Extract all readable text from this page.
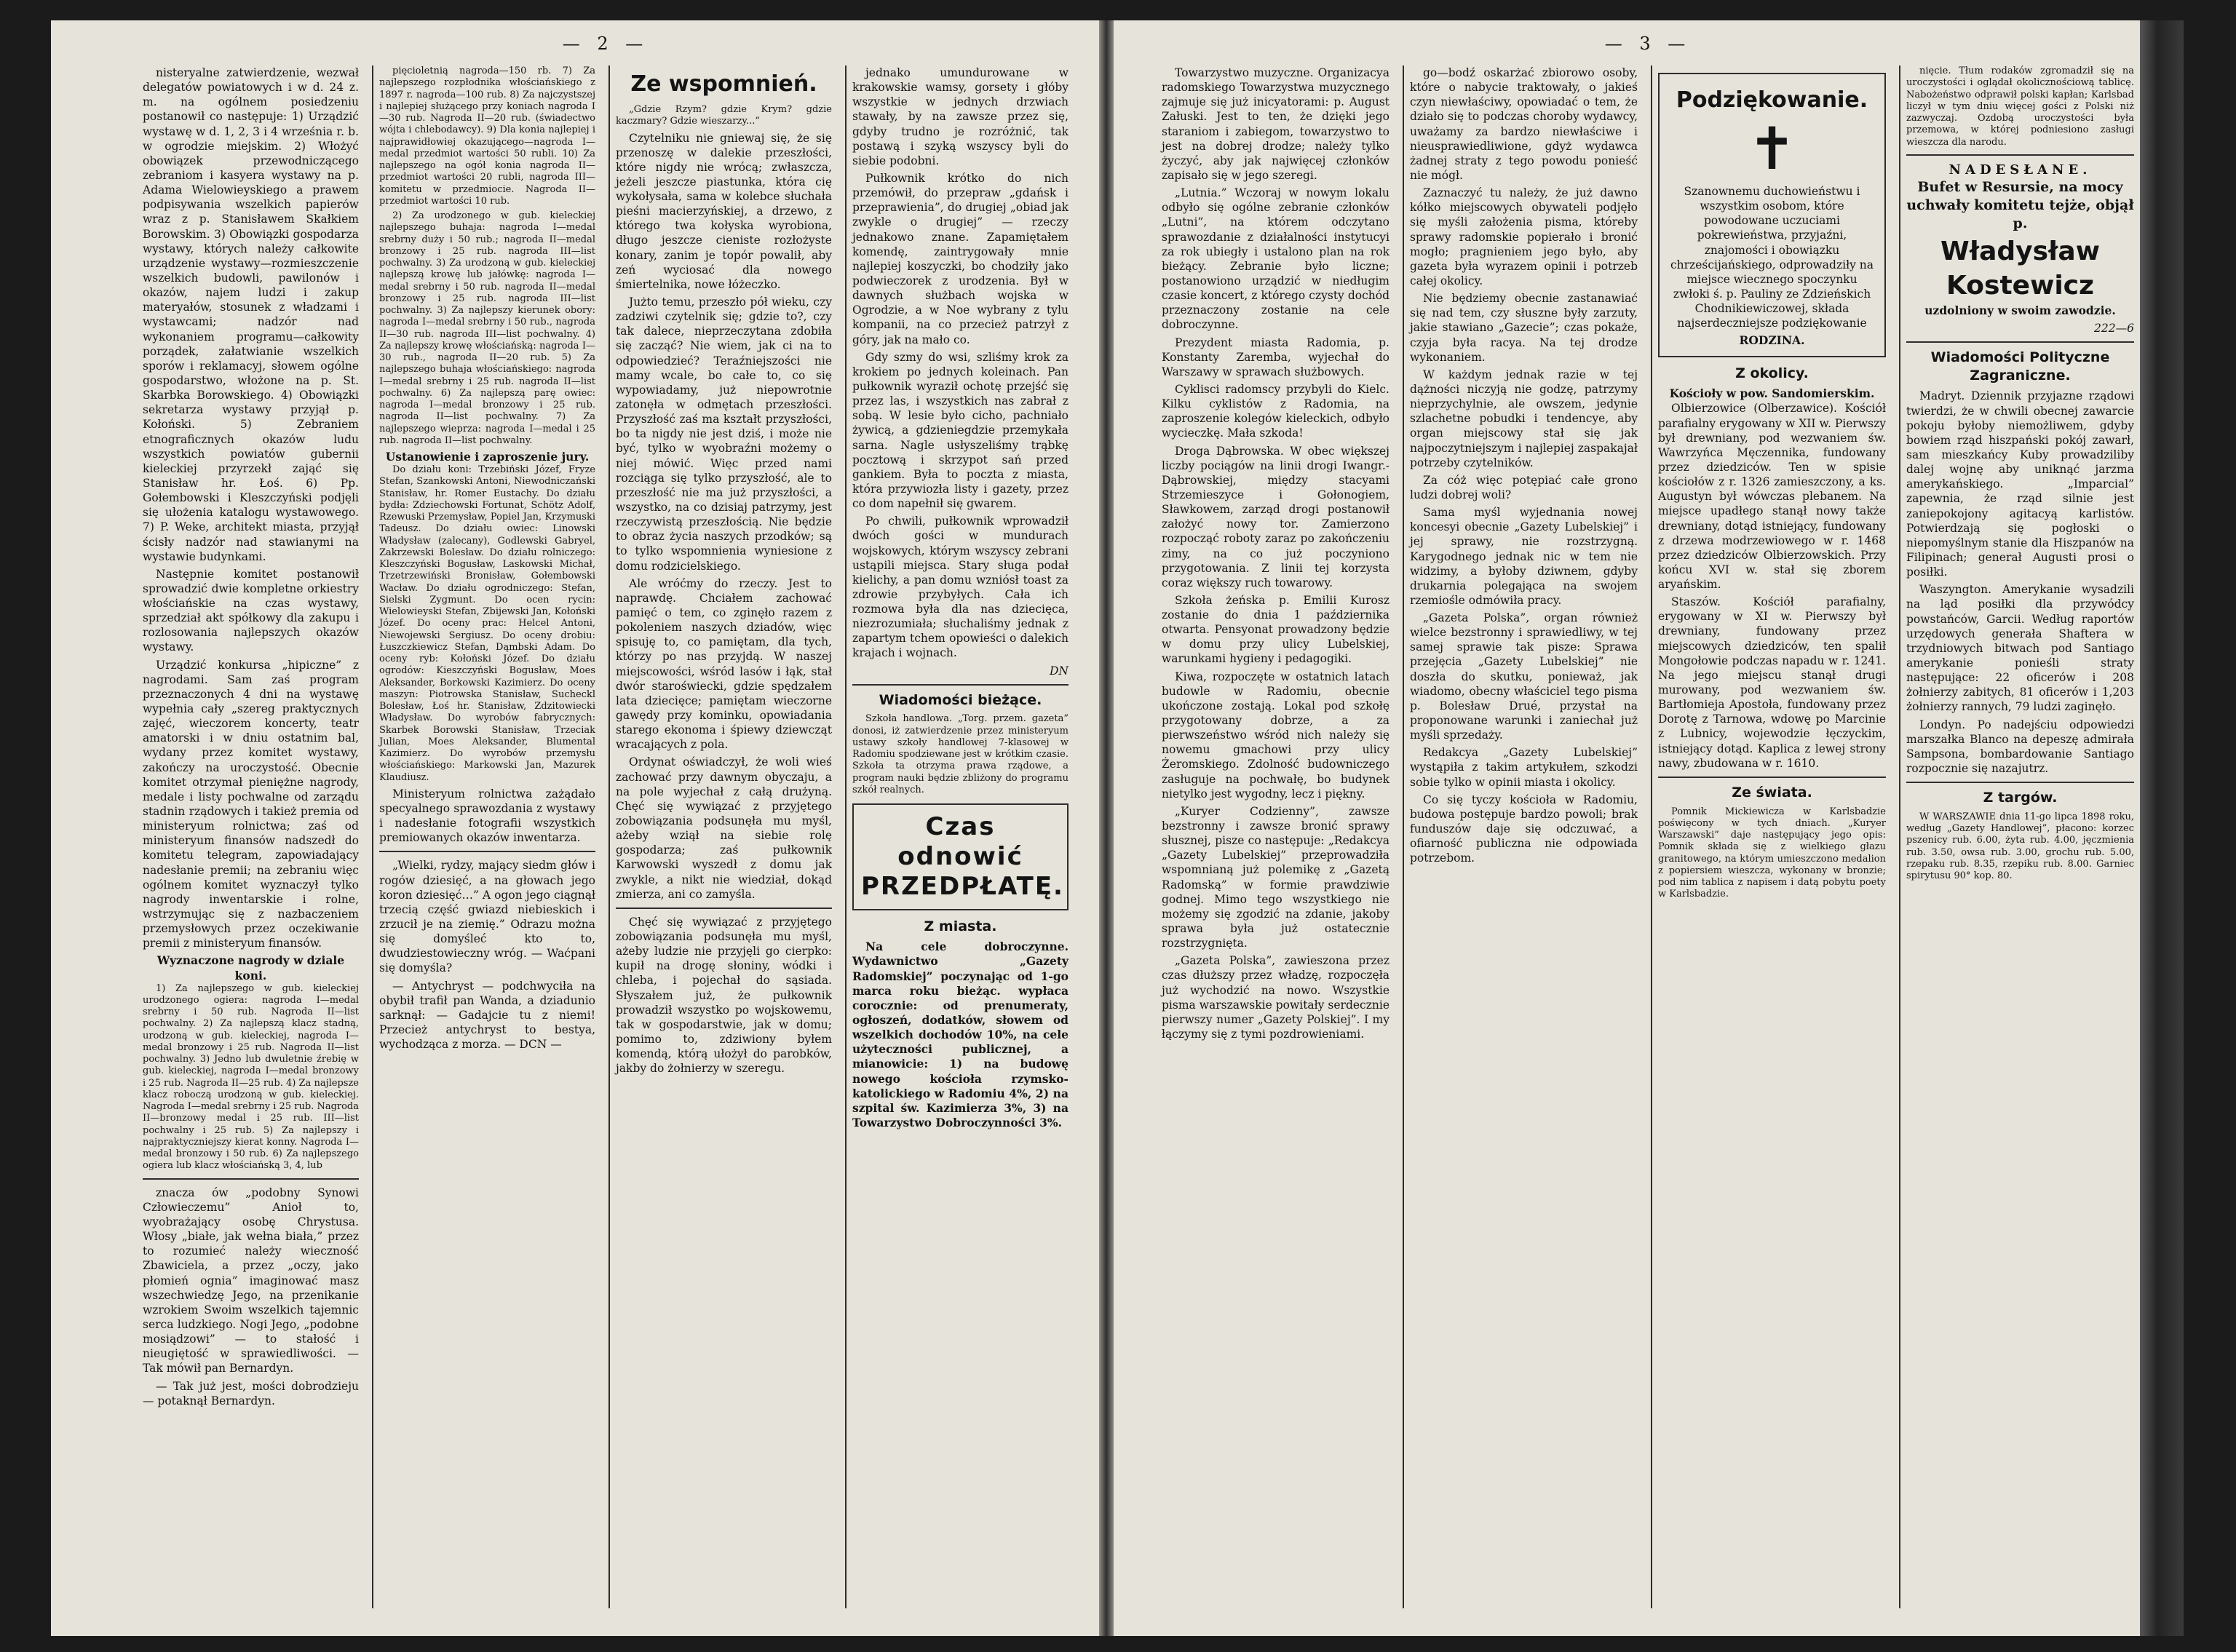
— 2 —

nisteryalne zatwierdzenie, wezwał delegatów powiatowych i w d. 24 z. m. na ogólnem posiedzeniu postanowił co następuje: 1) Urządzić wystawę w d. 1, 2, 3 i 4 września r. b. w ogrodzie miejskim. 2) Włożyć obowiązek przewodniczącego zebraniom i kasyera wystawy na p. Adama Wielowieyskiego a prawem podpisywania wszelkich papierów wraz z p. Stanisławem Skałkiem Borowskim. 3) Obowiązki gospodarza wystawy, których należy całkowite urządzenie wystawy—rozmieszczenie wszelkich budowli, pawilonów i okazów, najem ludzi i zakup materyałów, stosunek z władzami i wystawcami; nadzór nad wykonaniem programu—całkowity porządek, załatwianie wszelkich sporów i reklamacyj, słowem ogólne gospodarstwo, włożone na p. St. Skarbka Borowskiego. 4) Obowiązki sekretarza wystawy przyjął p. Kołoński. 5) Zebraniem etnograficznych okazów ludu wszystkich powiatów gubernii kieleckiej przyrzekł zająć się Stanisław hr. Łoś. 6) Pp. Gołembowski i Kleszczyński podjęli się ułożenia katalogu wystawowego. 7) P. Weke, architekt miasta, przyjął ścisły nadzór nad stawianymi na wystawie budynkami.

Następnie komitet postanowił sprowadzić dwie kompletne orkiestry włościańskie na czas wystawy, sprzedział akt spółkowy dla zakupu i rozlosowania najlepszych okazów wystawy.

Urządzić konkursa „hipiczne” z nagrodami. Sam zaś program przeznaczonych 4 dni na wystawę wypełnia cały „szereg praktycznych zajęć, wieczorem koncerty, teatr amatorski i w dniu ostatnim bal, wydany przez komitet wystawy, zakończy na uroczystość. Obecnie komitet otrzymał pieniężne nagrody, medale i listy pochwalne od zarządu stadnin rządowych i takież premia od ministeryum rolnictwa; zaś od ministeryum finansów nadszedł do komitetu telegram, zapowiadający nadesłanie premii; na zebraniu więc ogólnem komitet wyznaczył tylko nagrody inwentarskie i rolne, wstrzymując się z nazbaczeniem przemysłowych przez oczekiwanie premii z ministeryum finansów.

Wyznaczone nagrody w dziale koni.

1) Za najlepszego w gub. kieleckiej urodzonego ogiera: nagroda I—medal srebrny i 50 rub. Nagroda II—list pochwalny. 2) Za najlepszą klacz stadną, urodzoną w gub. kieleckiej, nagroda I—medal bronzowy i 25 rub. Nagroda II—list pochwalny. 3) Jedno lub dwuletnie źrebię w gub. kieleckiej, nagroda I—medal bronzowy i 25 rub. Nagroda II—25 rub. 4) Za najlepsze klacz roboczą urodzoną w gub. kieleckiej. Nagroda I—medal srebrny i 25 rub. Nagroda II—bronzowy medal i 25 rub. III—list pochwalny i 25 rub. 5) Za najlepszy i najpraktyczniejszy kierat konny. Nagroda I—medal bronzowy i 50 rub. 6) Za najlepszego ogiera lub klacz włościańską 3, 4, lub

znacza ów „podobny Synowi Człowieczemu” Anioł to, wyobrażający osobę Chrystusa. Włosy „białe, jak wełna biała,” przez to rozumieć należy wieczność Zbawiciela, a przez „oczy, jako płomień ognia” imaginować masz wszechwiedzę Jego, na przenikanie wzrokiem Swoim wszelkich tajemnic serca ludzkiego. Nogi Jego, „podobne mosiądzowi” — to stałość i nieugiętość w sprawiedliwości. — Tak mówił pan Bernardyn.

— Tak już jest, mości dobrodzieju — potaknął Bernardyn.

pięcioletnią nagroda—150 rb. 7) Za najlepszego rozpłodnika włościańskiego z 1897 r. nagroda—100 rub. 8) Za najczystszej i najlepiej służącego przy koniach nagroda I—30 rub. Nagroda II—20 rub. (świadectwo wójta i chlebodawcy). 9) Dla konia najlepiej i najprawidłowiej okazującego—nagroda I—medal przedmiot wartości 50 rubli. 10) Za najlepszego na ogół konia nagroda II—przedmiot wartości 20 rubli, nagroda III—komitetu w przedmiocie. Nagroda II—przedmiot wartości 10 rub.

2) Za urodzonego w gub. kieleckiej najlepszego buhaja: nagroda I—medal srebrny duży i 50 rub.; nagroda II—medal bronzowy i 25 rub. nagroda III—list pochwalny. 3) Za urodzoną w gub. kieleckiej najlepszą krowę lub jałówkę: nagroda I—medal srebrny i 50 rub. nagroda II—medal bronzowy i 25 rub. nagroda III—list pochwalny. 3) Za najlepszy kierunek obory: nagroda I—medal srebrny i 50 rub., nagroda II—30 rub. nagroda III—list pochwalny. 4) Za najlepszy krowę włościańską: nagroda I—30 rub., nagroda II—20 rub. 5) Za najlepszego buhaja włościańskiego: nagroda I—medal srebrny i 25 rub. nagroda II—list pochwalny. 6) Za najlepszą parę owiec: nagroda I—medal bronzowy i 25 rub. nagroda II—list pochwalny. 7) Za najlepszego wieprza: nagroda I—medal i 25 rub. nagroda II—list pochwalny.

Ustanowienie i zaproszenie jury.

Do działu koni: Trzebiński Józef, Fryze Stefan, Szankowski Antoni, Niewodniczański Stanisław, hr. Romer Eustachy. Do działu bydła: Zdziechowski Fortunat, Schötz Adolf, Rzewuski Przemysław, Popiel Jan, Krzymuski Tadeusz. Do działu owiec: Linowski Władysław (zalecany), Godlewski Gabryel, Zakrzewski Bolesław. Do działu rolniczego: Kleszczyński Bogusław, Laskowski Michał, Trzetrzewiński Bronisław, Gołembowski Wacław. Do działu ogrodniczego: Stefan, Sielski Zygmunt. Do ocen rycin: Wielowieyski Stefan, Zbijewski Jan, Kołoński Józef. Do oceny prac: Helcel Antoni, Niewojewski Sergiusz. Do oceny drobiu: Łuszczkiewicz Stefan, Dąmbski Adam. Do oceny ryb: Kołoński Józef. Do działu ogrodów: Kieszczyński Bogusław, Moes Aleksander, Borkowski Kazimierz. Do oceny maszyn: Piotrowska Stanisław, Sucheckl Bolesław, Łoś hr. Stanisław, Zdzitowiecki Władysław. Do wyrobów fabrycznych: Skarbek Borowski Stanisław, Trzeciak Julian, Moes Aleksander, Blumental Kazimierz. Do wyrobów przemysłu włościańskiego: Markowski Jan, Mazurek Klaudiusz.

Ministeryum rolnictwa zażądało specyalnego sprawozdania z wystawy i nadesłanie fotografii wszystkich premiowanych okazów inwentarza.

„Wielki, rydzy, mający siedm głów i rogów dziesięć, a na głowach jego koron dziesięć…” A ogon jego ciągnął trzecią część gwiazd niebieskich i zrzucił je na ziemię.” Odrazu można się domyśleć kto to, dwudziestowieczny wróg. — Waćpani się domyśla?

— Antychryst — podchwyciła na obybił trafił pan Wanda, a dziadunio sarknął: — Gadajcie tu z niemi! Przecież antychryst to bestya, wychodząca z morza. — DCN —

Ze wspomnień.

„Gdzie Rzym? gdzie Krym? gdzie kaczmary? Gdzie wieszarzy...”

Czytelniku nie gniewaj się, że się przenoszę w dalekie przeszłości, które nigdy nie wrócą; zwłaszcza, jeżeli jeszcze piastunka, która cię wykołysała, sama w kolebce słuchała pieśni macierzyńskiej, a drzewo, z którego twa kołyska wyrobiona, długo jeszcze cieniste rozłożyste konary, zanim je topór powalił, aby zeń wyciosać dla nowego śmiertelnika, nowe łóżeczko.

Jużto temu, przeszło pół wieku, czy zadziwi czytelnik się; gdzie to?, czy tak dalece, nieprzeczytana zdobiła się zacząć? Nie wiem, jak ci na to odpowiedzieć? Teraźniejszości nie mamy wcale, bo całe to, co się wypowiadamy, już niepowrotnie zatonęła w odmętach przeszłości. Przyszłość zaś ma kształt przyszłości, bo ta nigdy nie jest dziś, i może nie być, tylko w wyobraźni możemy o niej mówić. Więc przed nami rozciąga się tylko przyszłość, ale to przeszłość nie ma już przyszłości, a wszystko, na co dzisiaj patrzymy, jest rzeczywistą przeszłością. Nie będzie to obraz życia naszych przodków; są to tylko wspomnienia wyniesione z domu rodzicielskiego.

Ale wróćmy do rzeczy. Jest to naprawdę. Chciałem zachować pamięć o tem, co zginęło razem z pokoleniem naszych dziadów, więc spisuję to, co pamiętam, dla tych, którzy po nas przyjdą. W naszej miejscowości, wśród lasów i łąk, stał dwór staroświecki, gdzie spędzałem lata dziecięce; pamiętam wieczorne gawędy przy kominku, opowiadania starego ekonoma i śpiewy dziewcząt wracających z pola.

Ordynat oświadczył, że woli wieś zachować przy dawnym obyczaju, a na pole wyjechał z całą drużyną. Chęć się wywiązać z przyjętego zobowiązania podsunęła mu myśl, ażeby wziął na siebie rolę gospodarza; zaś pułkownik Karwowski wyszedł z domu jak zwykle, a nikt nie wiedział, dokąd zmierza, ani co zamyśla.

Chęć się wywiązać z przyjętego zobowiązania podsunęła mu myśl, ażeby ludzie nie przyjęli go cierpko: kupił na drogę słoniny, wódki i chleba, i pojechał do sąsiada. Słyszałem już, że pułkownik prowadził wszystko po wojskowemu, tak w gospodarstwie, jak w domu; pomimo to, zdziwiony byłem komendą, którą ułożył do parobków, jakby do żołnierzy w szeregu.

jednako umundurowane w krakowskie wamsy, gorsety i głóby wszystkie w jednych drzwiach stawały, by na zawsze przez się, gdyby trudno je rozróżnić, tak postawą i szyką wszyscy byli do siebie podobni.

Pułkownik krótko do nich przemówił, do przepraw „gdańsk i przeprawienia”, do drugiej „obiad jak zwykle o drugiej” — rzeczy jednakowo znane. Zapamiętałem komendę, zaintrygowały mnie najlepiej koszyczki, bo chodziły jako podwieczorek z urodzenia. Był w dawnych służbach wojska w Ogrodzie, a w Noe wybrany z tylu kompanii, na co przecież patrzył z góry, jak na mało co.

Gdy szmy do wsi, szliśmy krok za krokiem po jednych koleinach. Pan pułkownik wyraził ochotę przejść się przez las, i wszystkich nas zabrał z sobą. W lesie było cicho, pachniało żywicą, a gdzieniegdzie przemykała sarna. Nagle usłyszeliśmy trąbkę pocztową i skrzypot sań przed gankiem. Była to poczta z miasta, która przywiozła listy i gazety, przez co dom napełnił się gwarem.

Po chwili, pułkownik wprowadził dwóch gości w mundurach wojskowych, którym wszyscy zebrani ustąpili miejsca. Stary sługa podał kielichy, a pan domu wzniósł toast za zdrowie przybyłych. Cała ich rozmowa była dla nas dziecięca, niezrozumiała; słuchaliśmy jednak z zapartym tchem opowieści o dalekich krajach i wojnach.

DN
Wiadomości bieżące.

Szkoła handlowa. „Torg. przem. gazeta” donosi, iż zatwierdzenie przez ministeryum ustawy szkoły handlowej 7-klasowej w Radomiu spodziewane jest w krótkim czasie. Szkoła ta otrzyma prawa rządowe, a program nauki będzie zbliżony do programu szkół realnych.

Czas odnowić
PRZEDPŁATĘ.
Z miasta.

Na cele dobroczynne. Wydawnictwo „Gazety Radomskiej” poczynając od 1-go marca roku bieżąc. wypłaca corocznie: od prenumeraty, ogłoszeń, dodatków, słowem od wszelkich dochodów 10%, na cele użyteczności publicznej, a mianowicie: 1) na budowę nowego kościoła rzymsko-katolickiego w Radomiu 4%, 2) na szpital św. Kazimierza 3%, 3) na Towarzystwo Dobroczynności 3%.

— 3 —

Towarzystwo muzyczne. Organizacya radomskiego Towarzystwa muzycznego zajmuje się już inicyatorami: p. August Załuski. Jest to ten, że dzięki jego staraniom i zabiegom, towarzystwo to jest na dobrej drodze; należy tylko życzyć, aby jak najwięcej członków zapisało się w jego szeregi.

„Lutnia.” Wczoraj w nowym lokalu odbyło się ogólne zebranie członków „Lutni”, na którem odczytano sprawozdanie z działalności instytucyi za rok ubiegły i ustalono plan na rok bieżący. Zebranie było liczne; postanowiono urządzić w niedługim czasie koncert, z którego czysty dochód przeznaczony zostanie na cele dobroczynne.

Prezydent miasta Radomia, p. Konstanty Zaremba, wyjechał do Warszawy w sprawach służbowych.

Cyklisci radomscy przybyli do Kielc. Kilku cyklistów z Radomia, na zaproszenie kolegów kieleckich, odbyło wycieczkę. Mała szkoda!

Droga Dąbrowska. W obec większej liczby pociągów na linii drogi Iwangr.-Dąbrowskiej, między stacyami Strzemieszyce i Gołonogiem, Sławkowem, zarząd drogi postanowił założyć nowy tor. Zamierzono rozpocząć roboty zaraz po zakończeniu zimy, na co już poczyniono przygotowania. Z linii tej korzysta coraz większy ruch towarowy.

Szkoła żeńska p. Emilii Kurosz zostanie do dnia 1 października otwarta. Pensyonat prowadzony będzie w domu przy ulicy Lubelskiej, warunkami hygieny i pedagogiki.

Kiwa, rozpoczęte w ostatnich latach budowle w Radomiu, obecnie ukończone zostają. Lokal pod szkołę przygotowany dobrze, a za pierwszeństwo wśród nich należy się nowemu gmachowi przy ulicy Żeromskiego. Zdolność budowniczego zasługuje na pochwałę, bo budynek nietylko jest wygodny, lecz i piękny.

„Kuryer Codzienny”, zawsze bezstronny i zawsze bronić sprawy słusznej, pisze co następuje: „Redakcya „Gazety Lubelskiej” przeprowadziła wspomnianą już polemikę z „Gazetą Radomską” w formie prawdziwie godnej. Mimo tego wszystkiego nie możemy się zgodzić na zdanie, jakoby sprawa była już ostatecznie rozstrzygnięta.

„Gazeta Polska”, zawieszona przez czas dłuższy przez władzę, rozpoczęła już wychodzić na nowo. Wszystkie pisma warszawskie powitały serdecznie pierwszy numer „Gazety Polskiej”. I my łączymy się z tymi pozdrowieniami.

go—bodź oskarżać zbiorowo osoby, które o nabycie traktowały, o jakieś czyn niewłaściwy, opowiadać o tem, że działo się to podczas choroby wydawcy, uważamy za bardzo niewłaściwe i nieusprawiedliwione, gdyż wydawca żadnej straty z tego powodu ponieść nie mógł.

Zaznaczyć tu należy, że już dawno kółko miejscowych obywateli podjęło się myśli założenia pisma, któreby sprawy radomskie popierało i bronić mogło; pragnieniem jego było, aby gazeta była wyrazem opinii i potrzeb całej okolicy.

Nie będziemy obecnie zastanawiać się nad tem, czy słuszne były zarzuty, jakie stawiano „Gazecie”; czas pokaże, czyja była racya. Na tej drodze wykonaniem.

W każdym jednak razie w tej dążności niczyją nie godzę, patrzymy nieprzychylnie, ale owszem, jedynie szlachetne pobudki i tendencye, aby organ miejscowy stał się jak najpoczytniejszym i najlepiej zaspakajał potrzeby czytelników.

Za cóż więc potępiać całe grono ludzi dobrej woli?

Sama myśl wyjednania nowej koncesyi obecnie „Gazety Lubelskiej” i jej sprawy, nie rozstrzygną. Karygodnego jednak nic w tem nie widzimy, a byłoby dziwnem, gdyby drukarnia polegająca na swojem rzemiośle odmówiła pracy.

„Gazeta Polska”, organ również wielce bezstronny i sprawiedliwy, w tej samej sprawie tak pisze: Sprawa przejęcia „Gazety Lubelskiej” nie doszła do skutku, ponieważ, jak wiadomo, obecny właściciel tego pisma p. Bolesław Drué, przystał na proponowane warunki i zaniechał już myśli sprzedaży.

Redakcya „Gazety Lubelskiej” wystąpiła z takim artykułem, szkodzi sobie tylko w opinii miasta i okolicy.

Co się tyczy kościoła w Radomiu, budowa postępuje bardzo powoli; brak funduszów daje się odczuwać, a ofiarność publiczna nie odpowiada potrzebom.

Podziękowanie.
✝

Szanownemu duchowieństwu i wszystkim osobom, które powodowane uczuciami pokrewieństwa, przyjaźni, znajomości i obowiązku chrześcijańskiego, odprowadziły na miejsce wiecznego spoczynku zwłoki ś. p. Pauliny ze Zdzieńskich Chodnikiewiczowej, składa najserdeczniejsze podziękowanie

RODZINA.
Z okolicy.
Kościoły w pow. Sandomierskim.

Olbierzowice (Olberzawice). Kościół parafialny erygowany w XII w. Pierwszy był drewniany, pod wezwaniem św. Wawrzyńca Męczennika, fundowany przez dziedziców. Ten w spisie kościołów z r. 1326 zamieszczony, a ks. Augustyn był wówczas plebanem. Na miejsce upadłego stanął nowy także drewniany, dotąd istniejący, fundowany z drzewa modrzewiowego w r. 1468 przez dziedziców Olbierzowskich. Przy końcu XVI w. stał się zborem aryańskim.

Staszów. Kościół parafialny, erygowany w XI w. Pierwszy był drewniany, fundowany przez miejscowych dziedziców, ten spalił Mongołowie podczas napadu w r. 1241. Na jego miejscu stanął drugi murowany, pod wezwaniem św. Bartłomieja Apostoła, fundowany przez Dorotę z Tarnowa, wdowę po Marcinie z Lubnicy, wojewodzie łęczyckim, istniejący dotąd. Kaplica z lewej strony nawy, zbudowana w r. 1610.

Ze świata.

Pomnik Mickiewicza w Karlsbadzie poświęcony w tych dniach. „Kuryer Warszawski” daje następujący jego opis: Pomnik składa się z wielkiego głazu granitowego, na którym umieszczono medalion z popiersiem wieszcza, wykonany w bronzie; pod nim tablica z napisem i datą pobytu poety w Karlsbadzie.

nięcie. Tłum rodaków zgromadził się na uroczystości i oglądał okolicznościową tablicę. Nabożeństwo odprawił polski kapłan; Karlsbad liczył w tym dniu więcej gości z Polski niż zazwyczaj. Ozdobą uroczystości była przemowa, w której podniesiono zasługi wieszcza dla narodu.

NADESŁANE.

Bufet w Resursie, na mocy uchwały komitetu tejże, objął p.

Władysław Kostewicz

uzdolniony w swoim zawodzie.

222—6
Wiadomości Polityczne Zagraniczne.

Madryt. Dziennik przyjazne rządowi twierdzi, że w chwili obecnej zawarcie pokoju byłoby niemożliwem, gdyby bowiem rząd hiszpański pokój zawarł, sam mieszkańcy Kuby prowadziliby dalej wojnę aby uniknąć jarzma amerykańskiego. „Imparcial” zapewnia, że rząd silnie jest zaniepokojony agitacyą karlistów. Potwierdzają się pogłoski o niepomyślnym stanie dla Hiszpanów na Filipinach; generał Augusti prosi o posiłki.

Waszyngton. Amerykanie wysadzili na ląd posiłki dla przywódcy powstańców, Garcii. Według raportów urzędowych generała Shaftera w trzydniowych bitwach pod Santiago amerykanie ponieśli straty następujące: 22 oficerów i 208 żołnierzy zabitych, 81 oficerów i 1,203 żołnierzy rannych, 79 ludzi zaginęło.

Londyn. Po nadejściu odpowiedzi marszałka Blanco na depeszę admirała Sampsona, bombardowanie Santiago rozpocznie się nazajutrz.

Z targów.

W WARSZAWIE dnia 11-go lipca 1898 roku, według „Gazety Handlowej”, płacono: korzec pszenicy rub. 6.00, żyta rub. 4.00, jęczmienia rub. 3.50, owsa rub. 3.00, grochu rub. 5.00, rzepaku rub. 8.35, rzepiku rub. 8.00. Garniec spirytusu 90° kop. 80.
